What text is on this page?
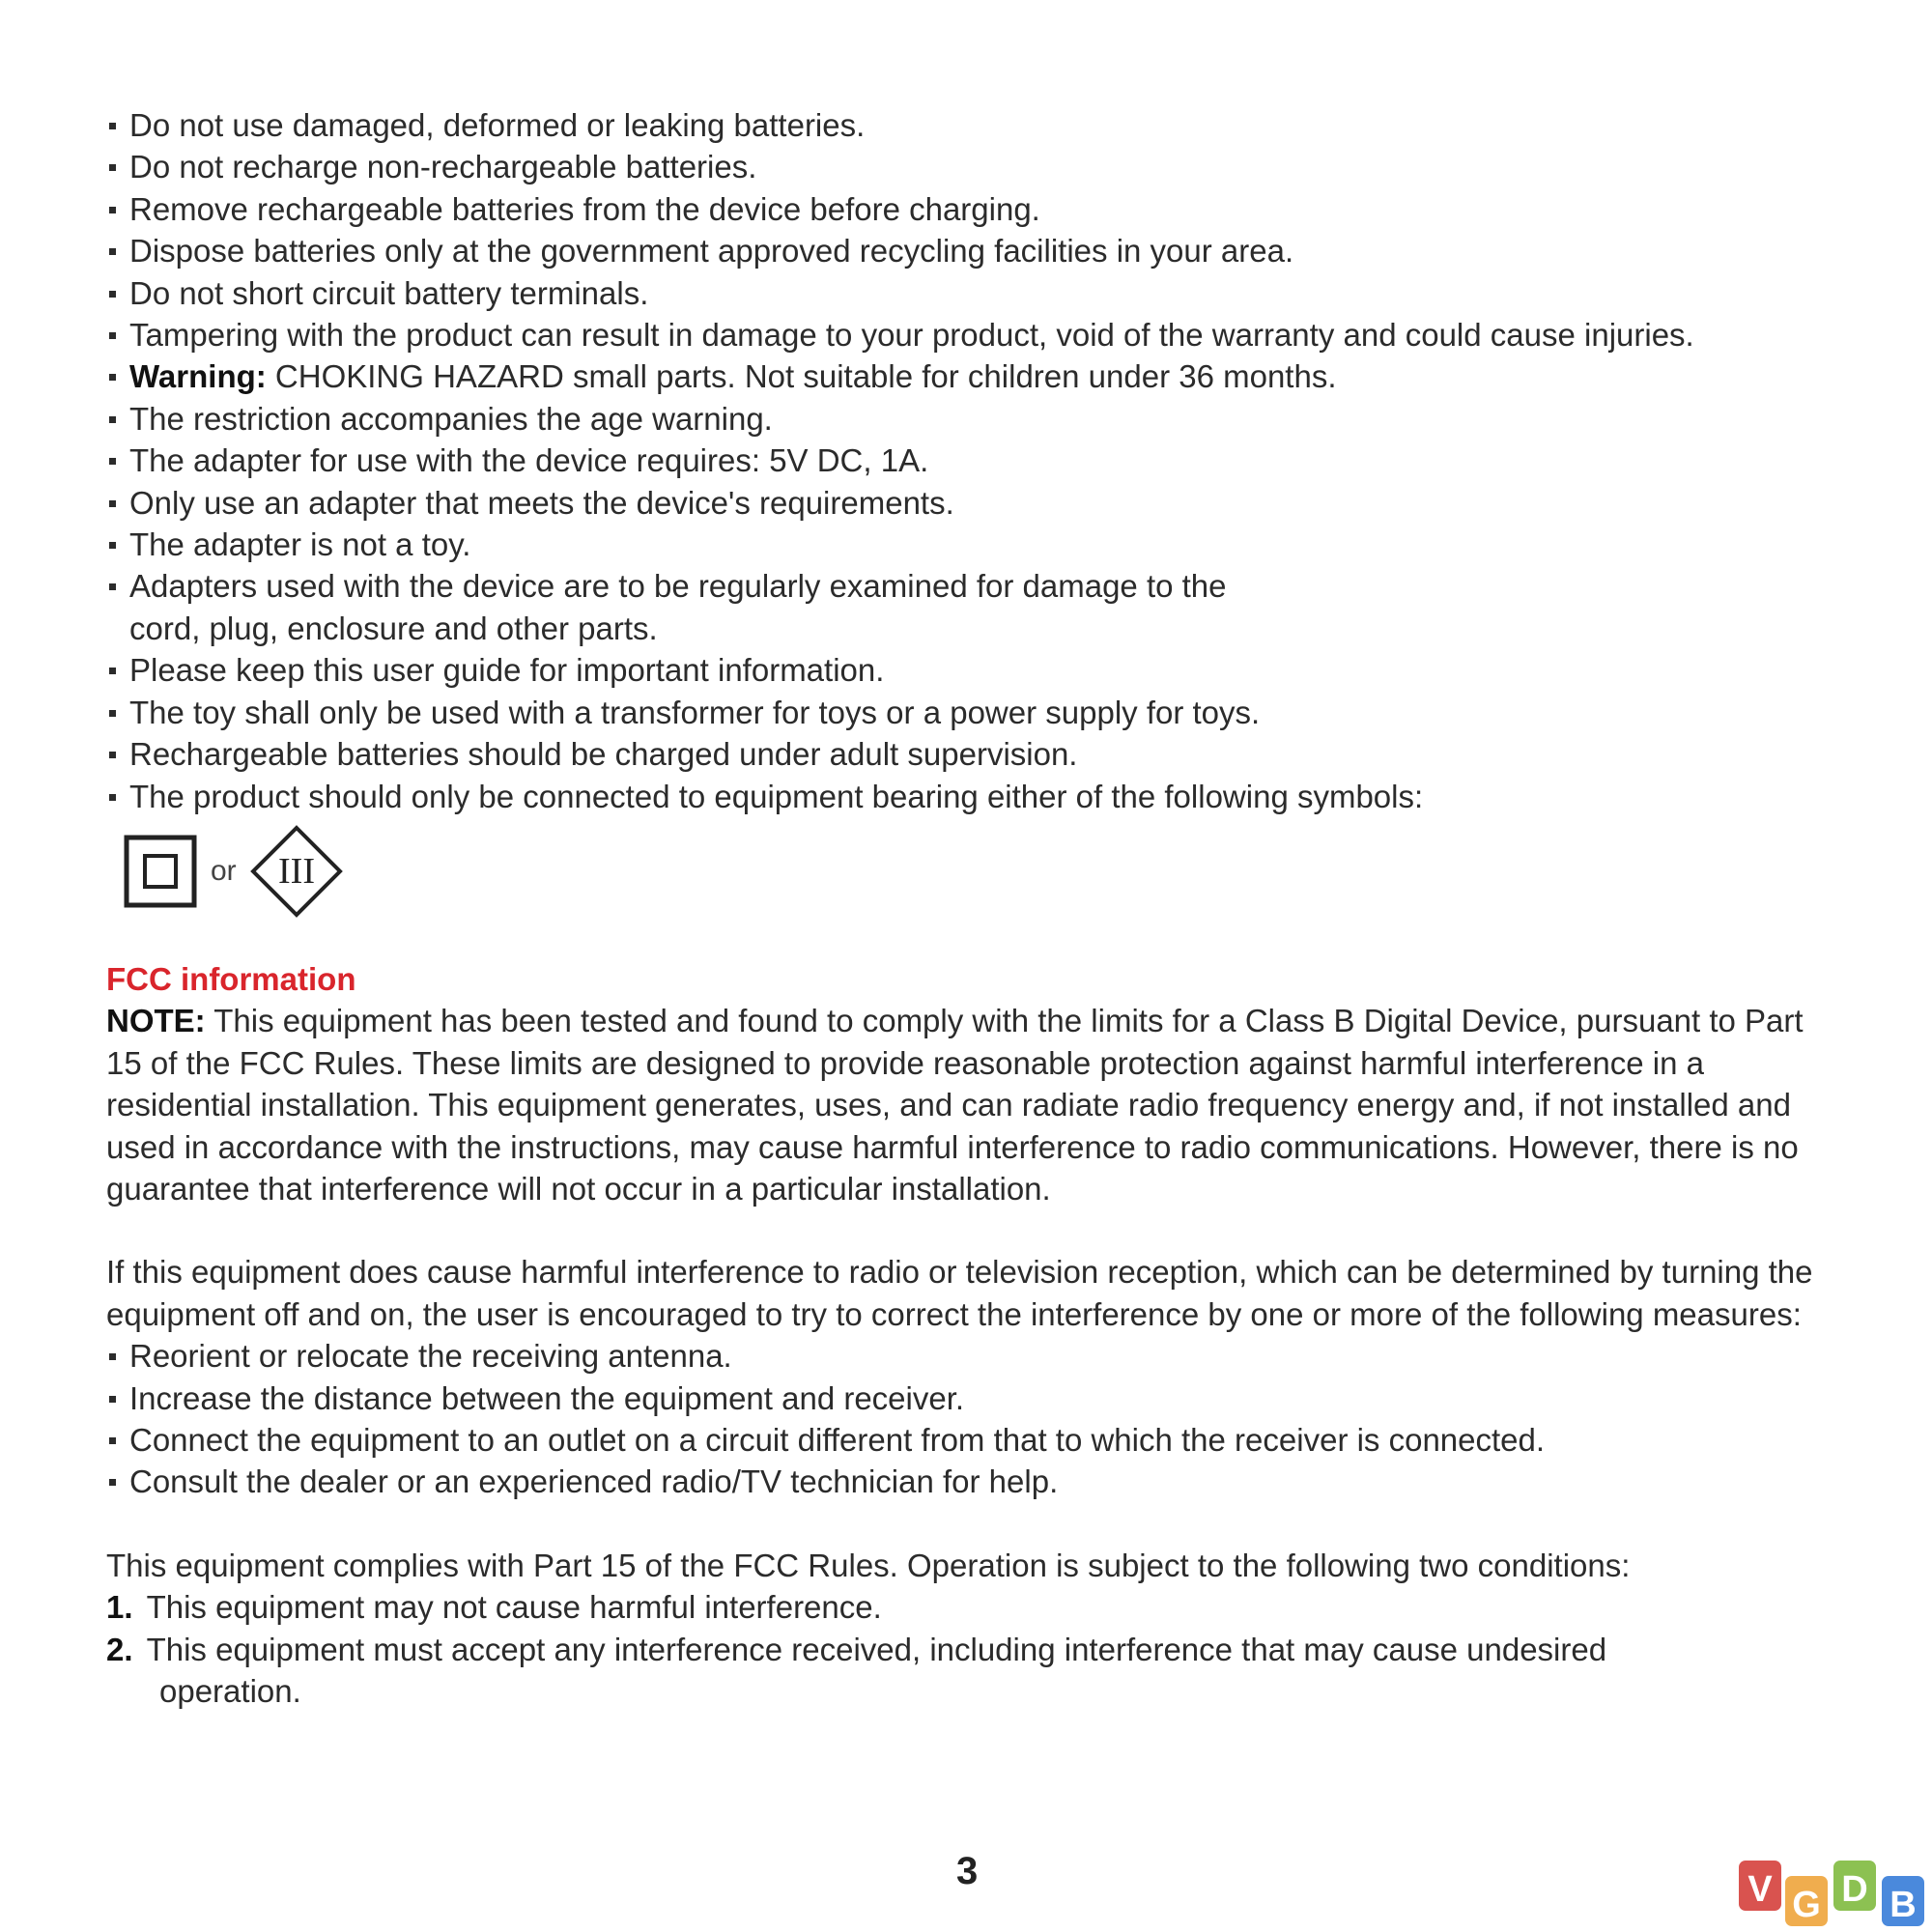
Do not use damaged, deformed or leaking batteries.
Do not recharge non-rechargeable batteries.
Remove rechargeable batteries from the device before charging.
Dispose batteries only at the government approved recycling facilities in your area.
Do not short circuit battery terminals.
Tampering with the product can result in damage to your product, void of the warranty and could cause injuries.
Warning: CHOKING HAZARD small parts. Not suitable for children under 36 months.
The restriction accompanies the age warning.
The adapter for use with the device requires: 5V DC, 1A.
Only use an adapter that meets the device's requirements.
The adapter is not a toy.
Adapters used with the device are to be regularly examined for damage to the cord, plug, enclosure and other parts.
Please keep this user guide for important information.
The toy shall only be used with a transformer for toys or a power supply for toys.
Rechargeable batteries should be charged under adult supervision.
The product should only be connected to equipment bearing either of the following symbols:
or III
FCC information

NOTE: This equipment has been tested and found to comply with the limits for a Class B Digital Device, pursuant to Part 15 of the FCC Rules. These limits are designed to provide reasonable protection against harmful interference in a residential installation. This equipment generates, uses, and can radiate radio frequency energy and, if not installed and used in accordance with the instructions, may cause harmful interference to radio communications. However, there is no guarantee that interference will not occur in a particular installation.

If this equipment does cause harmful interference to radio or television reception, which can be determined by turning the equipment off and on, the user is encouraged to try to correct the interference by one or more of the following measures:

Reorient or relocate the receiving antenna.
Increase the distance between the equipment and receiver.
Connect the equipment to an outlet on a circuit different from that to which the receiver is connected.
Consult the dealer or an experienced radio/TV technician for help.

This equipment complies with Part 15 of the FCC Rules. Operation is subject to the following two conditions:

1. This equipment may not cause harmful interference.
2. This equipment must accept any interference received, including interference that may cause undesired operation.
3	V G D B
